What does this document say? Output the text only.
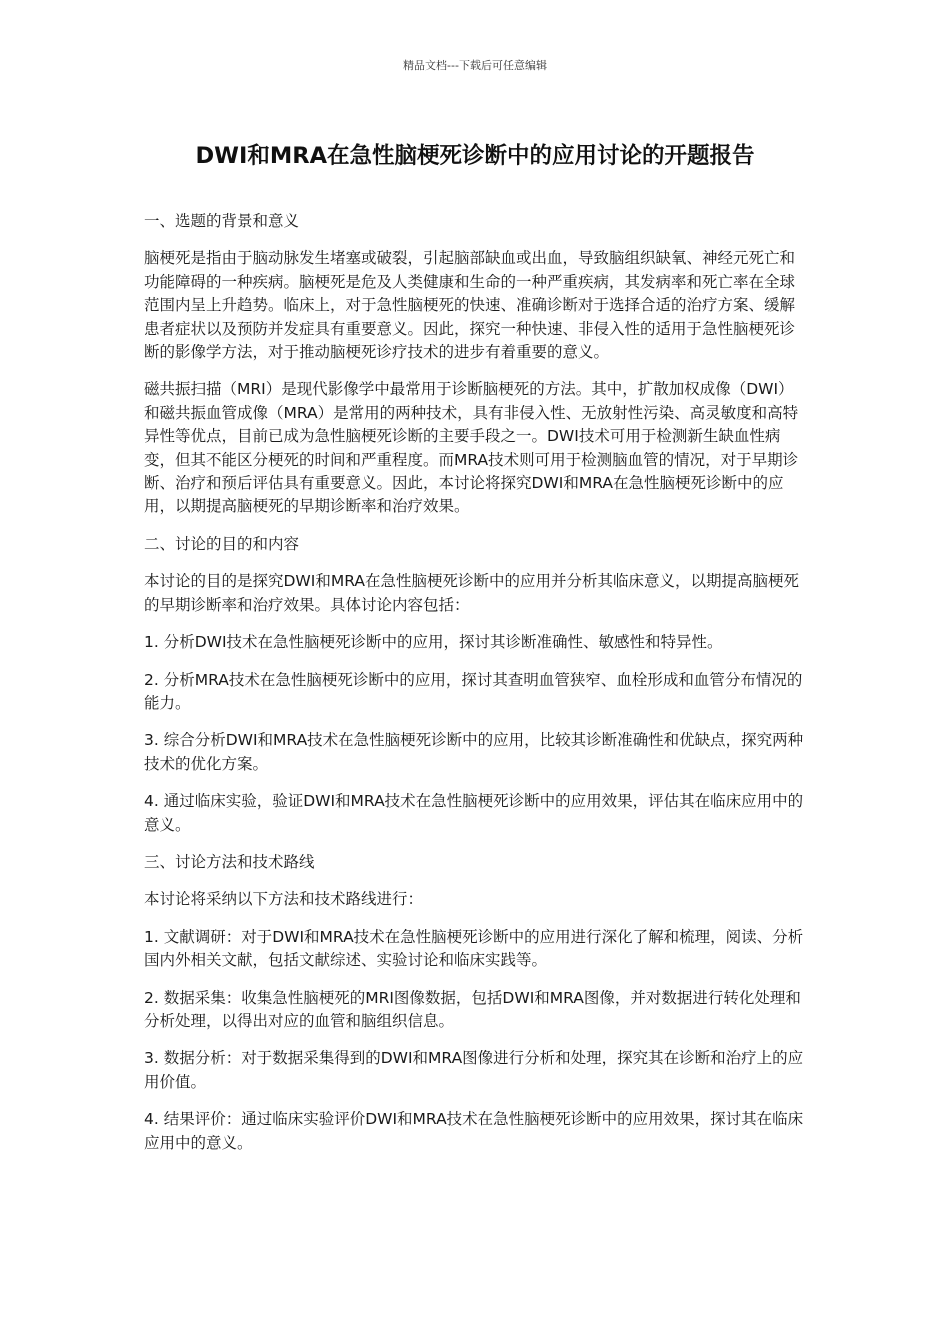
精品文档---下载后可任意编辑
DWI和MRA在急性脑梗死诊断中的应用讨论的开题报告

一、选题的背景和意义

脑梗死是指由于脑动脉发生堵塞或破裂，引起脑部缺血或出血，导致脑组织缺氧、神经元死亡和功能障碍的一种疾病。脑梗死是危及人类健康和生命的一种严重疾病，其发病率和死亡率在全球范围内呈上升趋势。临床上，对于急性脑梗死的快速、准确诊断对于选择合适的治疗方案、缓解患者症状以及预防并发症具有重要意义。因此，探究一种快速、非侵入性的适用于急性脑梗死诊断的影像学方法，对于推动脑梗死诊疗技术的进步有着重要的意义。

磁共振扫描（MRI）是现代影像学中最常用于诊断脑梗死的方法。其中，扩散加权成像（DWI）和磁共振血管成像（MRA）是常用的两种技术，具有非侵入性、无放射性污染、高灵敏度和高特异性等优点，目前已成为急性脑梗死诊断的主要手段之一。DWI技术可用于检测新生缺血性病变，但其不能区分梗死的时间和严重程度。而MRA技术则可用于检测脑血管的情况，对于早期诊断、治疗和预后评估具有重要意义。因此，本讨论将探究DWI和MRA在急性脑梗死诊断中的应用，以期提高脑梗死的早期诊断率和治疗效果。

二、讨论的目的和内容

本讨论的目的是探究DWI和MRA在急性脑梗死诊断中的应用并分析其临床意义，以期提高脑梗死的早期诊断率和治疗效果。具体讨论内容包括：

1. 分析DWI技术在急性脑梗死诊断中的应用，探讨其诊断准确性、敏感性和特异性。

2. 分析MRA技术在急性脑梗死诊断中的应用，探讨其查明血管狭窄、血栓形成和血管分布情况的能力。

3. 综合分析DWI和MRA技术在急性脑梗死诊断中的应用，比较其诊断准确性和优缺点，探究两种技术的优化方案。

4. 通过临床实验，验证DWI和MRA技术在急性脑梗死诊断中的应用效果，评估其在临床应用中的意义。

三、讨论方法和技术路线

本讨论将采纳以下方法和技术路线进行：

1. 文献调研：对于DWI和MRA技术在急性脑梗死诊断中的应用进行深化了解和梳理，阅读、分析国内外相关文献，包括文献综述、实验讨论和临床实践等。

2. 数据采集：收集急性脑梗死的MRI图像数据，包括DWI和MRA图像，并对数据进行转化处理和分析处理，以得出对应的血管和脑组织信息。

3. 数据分析：对于数据采集得到的DWI和MRA图像进行分析和处理，探究其在诊断和治疗上的应用价值。

4. 结果评价：通过临床实验评价DWI和MRA技术在急性脑梗死诊断中的应用效果，探讨其在临床应用中的意义。
